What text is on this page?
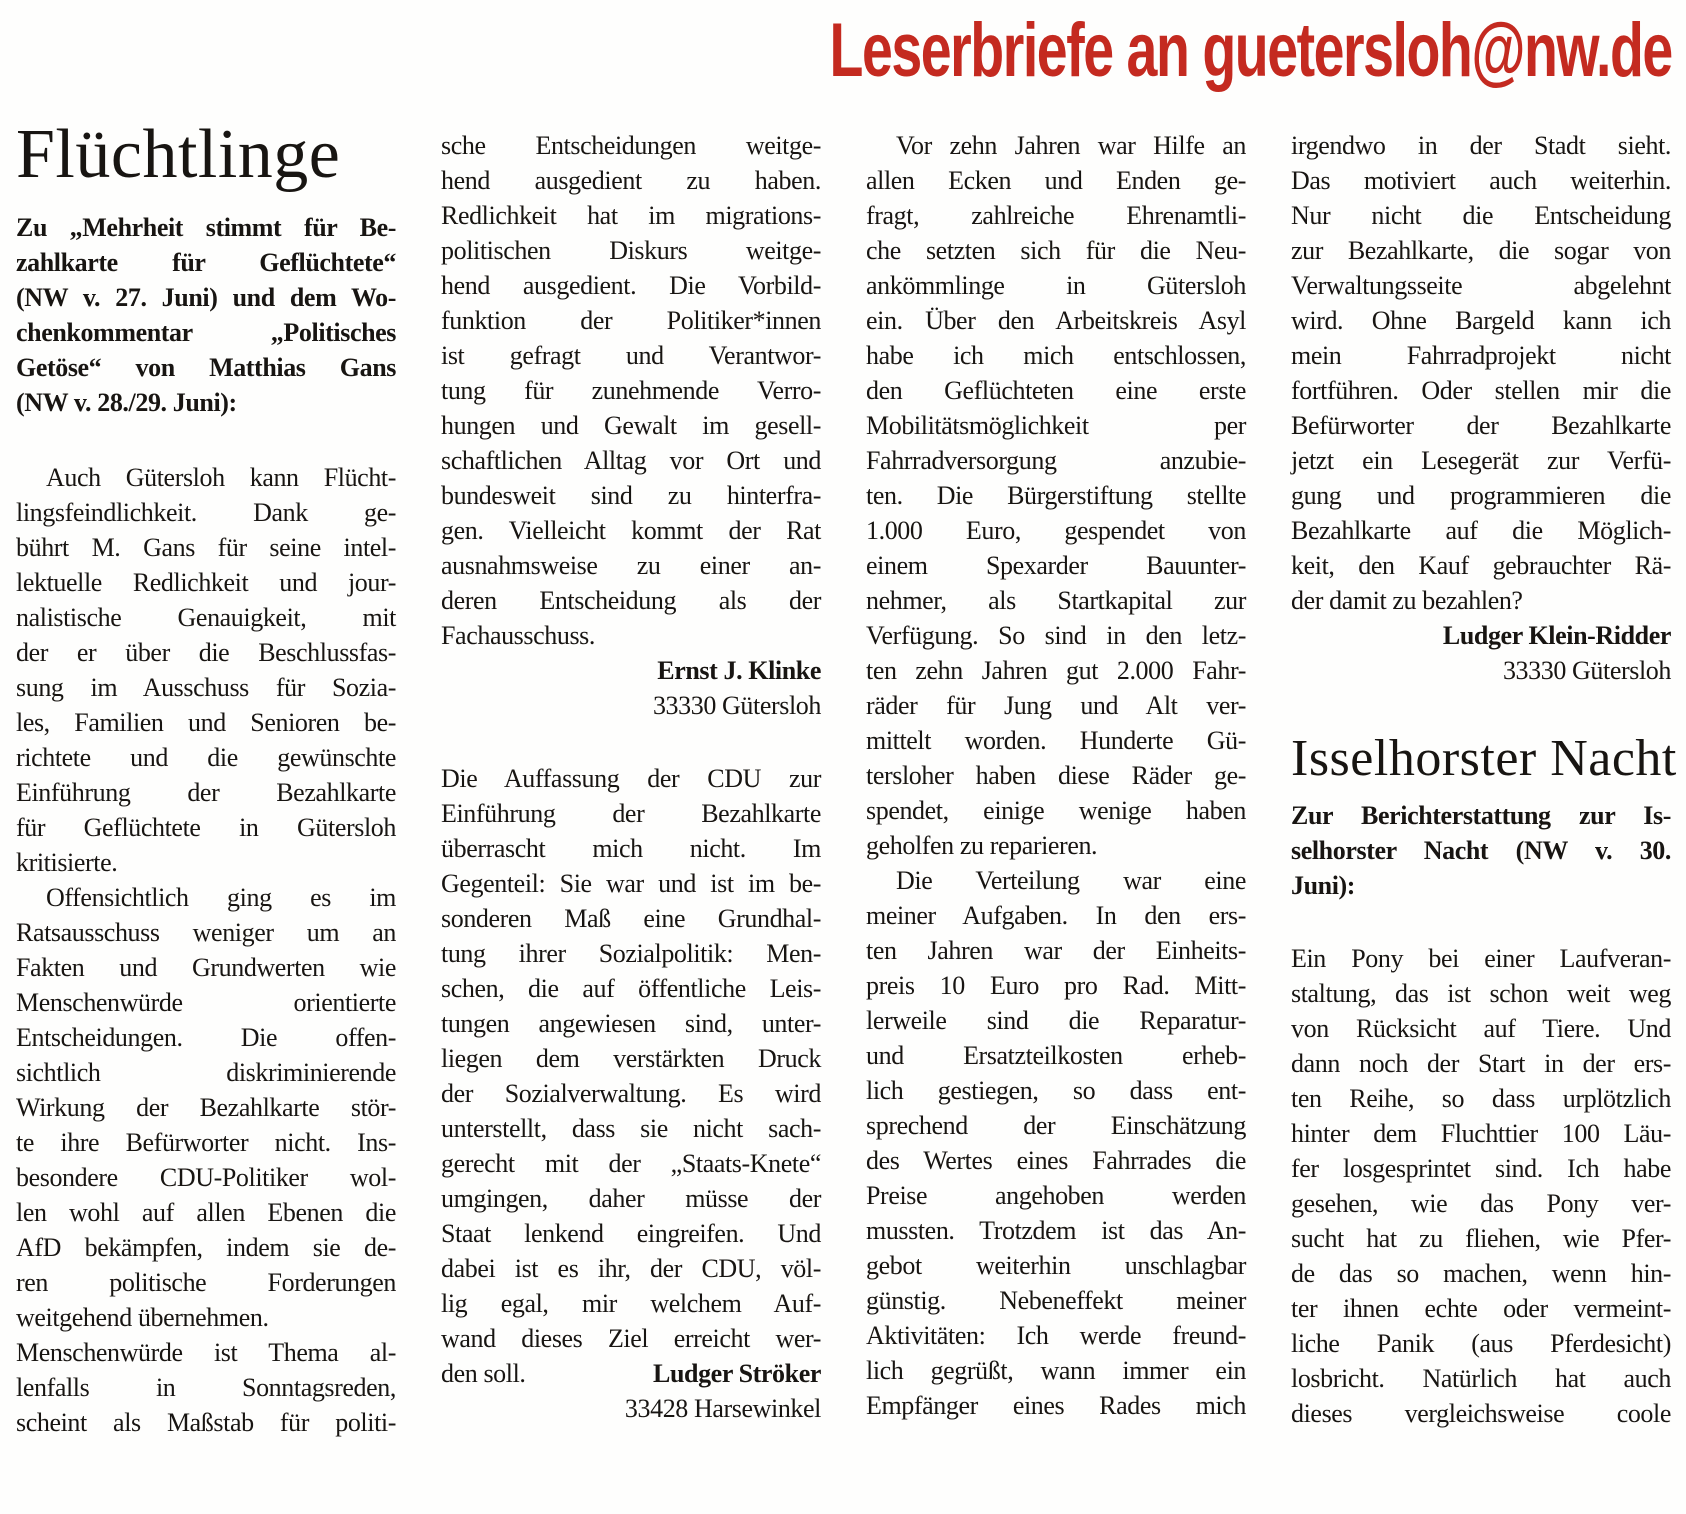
Leserbriefe an guetersloh@nw.de
Flüchtlinge
Zu „Mehrheit stimmt für Be-
zahlkarte für Geflüchtete“
(NW v. 27. Juni) und dem Wo-
chenkommentar „Politisches
Getöse“ von Matthias Gans
(NW v. 28./29. Juni):
Auch Gütersloh kann Flücht-
lingsfeindlichkeit. Dank ge-
bührt M. Gans für seine intel-
lektuelle Redlichkeit und jour-
nalistische Genauigkeit, mit
der er über die Beschlussfas-
sung im Ausschuss für Sozia-
les, Familien und Senioren be-
richtete und die gewünschte
Einführung der Bezahlkarte
für Geflüchtete in Gütersloh
kritisierte.
Offensichtlich ging es im
Ratsausschuss weniger um an
Fakten und Grundwerten wie
Menschenwürde orientierte
Entscheidungen. Die offen-
sichtlich diskriminierende
Wirkung der Bezahlkarte stör-
te ihre Befürworter nicht. Ins-
besondere CDU-Politiker wol-
len wohl auf allen Ebenen die
AfD bekämpfen, indem sie de-
ren politische Forderungen
weitgehend übernehmen.
Menschenwürde ist Thema al-
lenfalls in Sonntagsreden,
scheint als Maßstab für politi-
sche Entscheidungen weitge-
hend ausgedient zu haben.
Redlichkeit hat im migrations-
politischen Diskurs weitge-
hend ausgedient. Die Vorbild-
funktion der Politiker*innen
ist gefragt und Verantwor-
tung für zunehmende Verro-
hungen und Gewalt im gesell-
schaftlichen Alltag vor Ort und
bundesweit sind zu hinterfra-
gen. Vielleicht kommt der Rat
ausnahmsweise zu einer an-
deren Entscheidung als der
Fachausschuss.
Ernst J. Klinke
33330 Gütersloh
Die Auffassung der CDU zur
Einführung der Bezahlkarte
überrascht mich nicht. Im
Gegenteil: Sie war und ist im be-
sonderen Maß eine Grundhal-
tung ihrer Sozialpolitik: Men-
schen, die auf öffentliche Leis-
tungen angewiesen sind, unter-
liegen dem verstärkten Druck
der Sozialverwaltung. Es wird
unterstellt, dass sie nicht sach-
gerecht mit der „Staats-Knete“
umgingen, daher müsse der
Staat lenkend eingreifen. Und
dabei ist es ihr, der CDU, völ-
lig egal, mir welchem Auf-
wand dieses Ziel erreicht wer-
den soll.	Ludger Ströker
33428 Harsewinkel
Vor zehn Jahren war Hilfe an
allen Ecken und Enden ge-
fragt, zahlreiche Ehrenamtli-
che setzten sich für die Neu-
ankömmlinge in Gütersloh
ein. Über den Arbeitskreis Asyl
habe ich mich entschlossen,
den Geflüchteten eine erste
Mobilitätsmöglichkeit per
Fahrradversorgung anzubie-
ten. Die Bürgerstiftung stellte
1.000 Euro, gespendet von
einem Spexarder Bauunter-
nehmer, als Startkapital zur
Verfügung. So sind in den letz-
ten zehn Jahren gut 2.000 Fahr-
räder für Jung und Alt ver-
mittelt worden. Hunderte Gü-
tersloher haben diese Räder ge-
spendet, einige wenige haben
geholfen zu reparieren.
Die Verteilung war eine
meiner Aufgaben. In den ers-
ten Jahren war der Einheits-
preis 10 Euro pro Rad. Mitt-
lerweile sind die Reparatur-
und Ersatzteilkosten erheb-
lich gestiegen, so dass ent-
sprechend der Einschätzung
des Wertes eines Fahrrades die
Preise angehoben werden
mussten. Trotzdem ist das An-
gebot weiterhin unschlagbar
günstig. Nebeneffekt meiner
Aktivitäten: Ich werde freund-
lich gegrüßt, wann immer ein
Empfänger eines Rades mich
irgendwo in der Stadt sieht.
Das motiviert auch weiterhin.
Nur nicht die Entscheidung
zur Bezahlkarte, die sogar von
Verwaltungsseite abgelehnt
wird. Ohne Bargeld kann ich
mein Fahrradprojekt nicht
fortführen. Oder stellen mir die
Befürworter der Bezahlkarte
jetzt ein Lesegerät zur Verfü-
gung und programmieren die
Bezahlkarte auf die Möglich-
keit, den Kauf gebrauchter Rä-
der damit zu bezahlen?
Ludger Klein-Ridder
33330 Gütersloh
Isselhorster Nacht
Zur Berichterstattung zur Is-
selhorster Nacht (NW v. 30.
Juni):
Ein Pony bei einer Laufveran-
staltung, das ist schon weit weg
von Rücksicht auf Tiere. Und
dann noch der Start in der ers-
ten Reihe, so dass urplötzlich
hinter dem Fluchttier 100 Läu-
fer losgesprintet sind. Ich habe
gesehen, wie das Pony ver-
sucht hat zu fliehen, wie Pfer-
de das so machen, wenn hin-
ter ihnen echte oder vermeint-
liche Panik (aus Pferdesicht)
losbricht. Natürlich hat auch
dieses vergleichsweise coole
